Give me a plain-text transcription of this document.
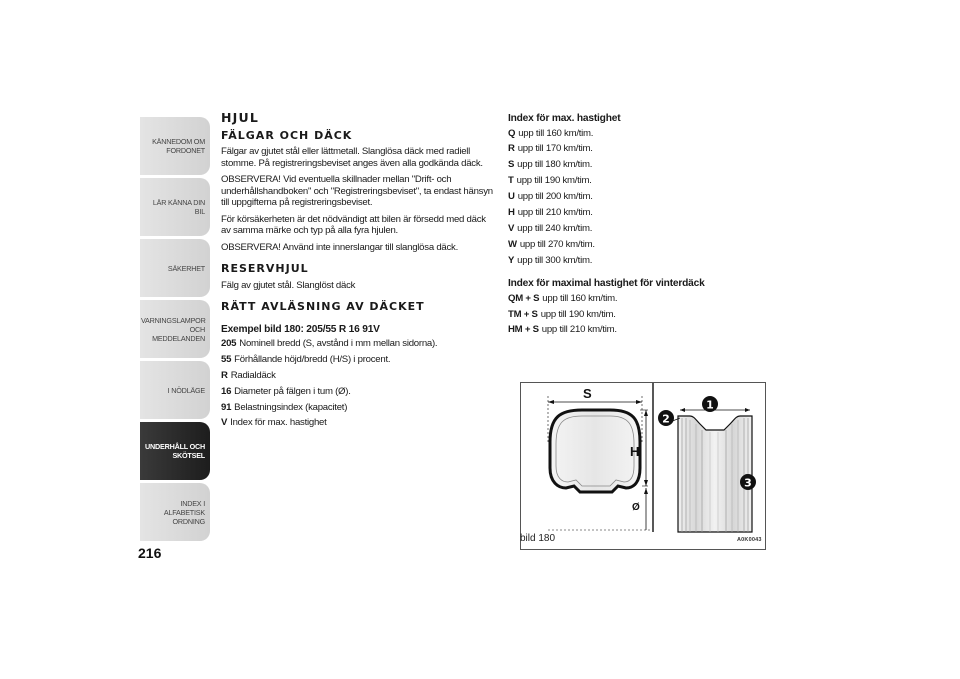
KÄNNEDOM OM FORDONET
LÄR KÄNNA DIN BIL
SÄKERHET
VARNINGSLAMPOR OCH MEDDELANDEN
I NÖDLÄGE
UNDERHÅLL OCH SKÖTSEL
INDEX I ALFABETISK ORDNING
216
HJUL
FÄLGAR OCH DÄCK

Fälgar av gjutet stål eller lättmetall. Slanglösa däck med radiell stomme. På registreringsbeviset anges även alla godkända däck.

OBSERVERA! Vid eventuella skillnader mellan "Drift- och underhållshandboken" och "Registreringsbeviset", ta endast hänsyn till uppgifterna på registreringsbeviset.

För körsäkerheten är det nödvändigt att bilen är försedd med däck av samma märke och typ på alla fyra hjulen.

OBSERVERA! Använd inte innerslangar till slanglösa däck.

RESERVHJUL

Fälg av gjutet stål. Slanglöst däck

RÄTT AVLÄSNING AV DÄCKET
Exempel bild 180: 205/55 R 16 91V
205 Nominell bredd (S, avstånd i mm mellan sidorna).
55 Förhållande höjd/bredd (H/S) i procent.
R Radialdäck
16 Diameter på fälgen i tum (Ø).
91 Belastningsindex (kapacitet)
V Index för max. hastighet
Index för max. hastighet
Q upp till 160 km/tim.
R upp till 170 km/tim.
S upp till 180 km/tim.
T upp till 190 km/tim.
U upp till 200 km/tim.
H upp till 210 km/tim.
V upp till 240 km/tim.
W upp till 270 km/tim.
Y upp till 300 km/tim.
Index för maximal hastighet för vinterdäck
QM + S upp till 160 km/tim.
TM + S upp till 190 km/tim.
HM + S upp till 210 km/tim.
S
H
Ø
1
2
3
bild 180	A0K0043
